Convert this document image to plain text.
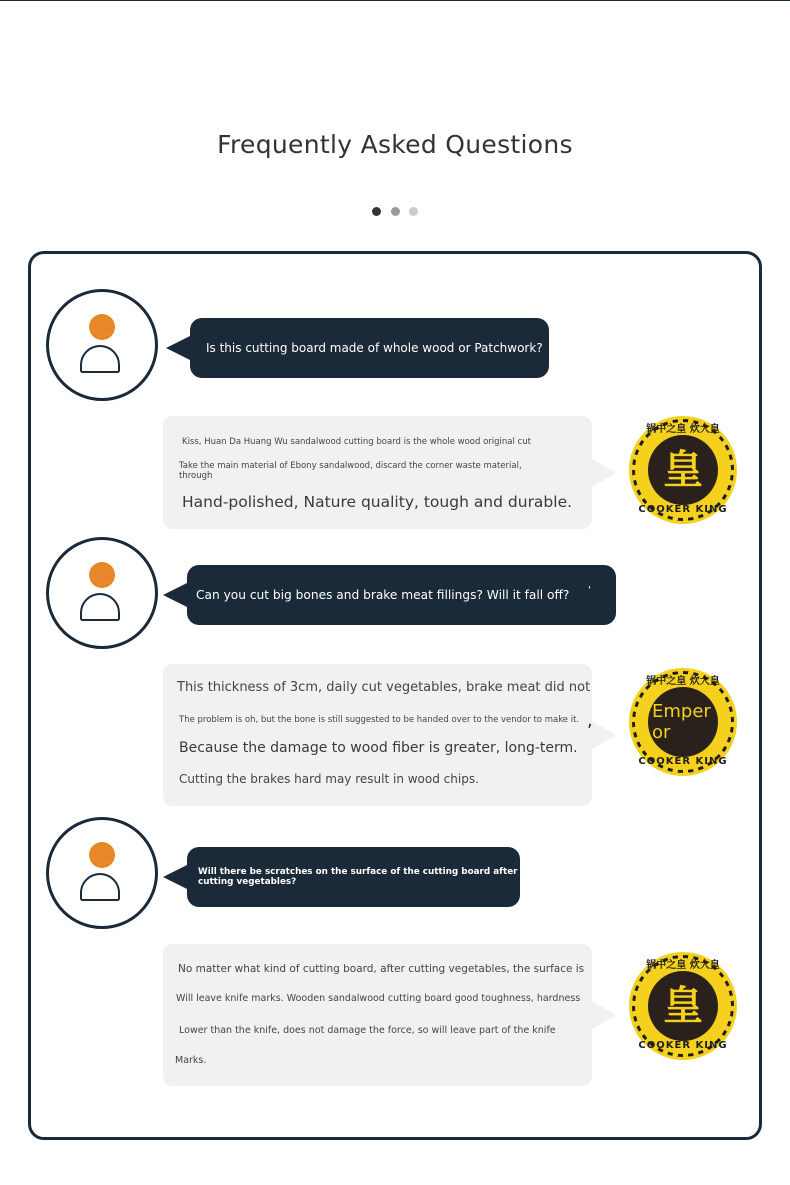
Frequently Asked Questions
Is this cutting board made of whole wood or Patchwork?
Kiss, Huan Da Huang Wu sandalwood cutting board is the whole wood original cut
Take the main material of Ebony sandalwood, discard the corner waste material,
through
Hand-polished, Nature quality, tough and durable.
锅中之皇 炊大皇
皇
COOKER KING
Can you cut big bones and brake meat fillings? Will it fall off? '
This thickness of 3cm, daily cut vegetables, brake meat did not
The problem is oh, but the bone is still suggested to be handed over to the vendor to make it.
Because the damage to wood fiber is greater, long-term.
Cutting the brakes hard may result in wood chips.
,
锅中之皇 炊大皇
Emper
or
COOKER KING
Will there be scratches on the surface of the cutting board after
cutting vegetables?
No matter what kind of cutting board, after cutting vegetables, the surface is
Will leave knife marks. Wooden sandalwood cutting board good toughness, hardness
Lower than the knife, does not damage the force, so will leave part of the knife
Marks.
锅中之皇 炊大皇
皇
COOKER KING
